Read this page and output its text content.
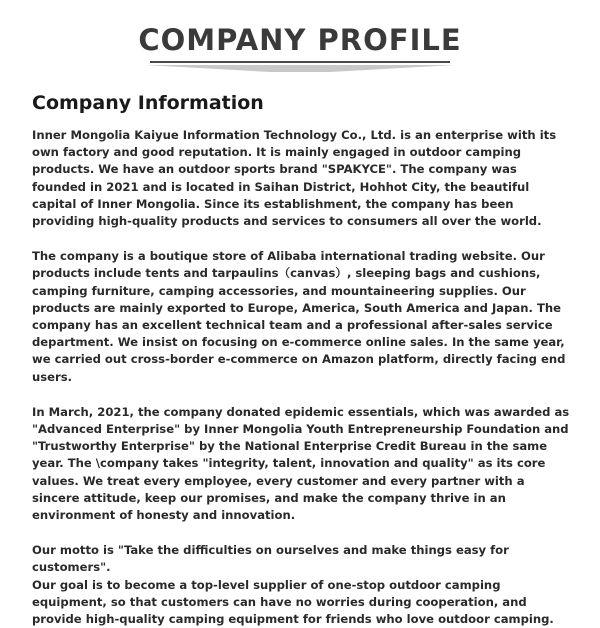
COMPANY PROFILE
Company Information

Inner Mongolia Kaiyue Information Technology Co., Ltd. is an enterprise with its own factory and good reputation. It is mainly engaged in outdoor camping products. We have an outdoor sports brand "SPAKYCE". The company was founded in 2021 and is located in Saihan District, Hohhot City, the beautiful capital of Inner Mongolia. Since its establishment, the company has been providing high-quality products and services to consumers all over the world.

The company is a boutique store of Alibaba international trading website. Our products include tents and tarpaulins（canvas）, sleeping bags and cushions, camping furniture, camping accessories, and mountaineering supplies. Our products are mainly exported to Europe, America, South America and Japan. The company has an excellent technical team and a professional after-sales service department. We insist on focusing on e-commerce online sales. In the same year, we carried out cross-border e-commerce on Amazon platform, directly facing end users.

In March, 2021, the company donated epidemic essentials, which was awarded as "Advanced Enterprise" by Inner Mongolia Youth Entrepreneurship Foundation and "Trustworthy Enterprise" by the National Enterprise Credit Bureau in the same year. The \company takes "integrity, talent, innovation and quality" as its core values. We treat every employee, every customer and every partner with a sincere attitude, keep our promises, and make the company thrive in an environment of honesty and innovation.

Our motto is "Take the difficulties on ourselves and make things easy for customers".

Our goal is to become a top-level supplier of one-stop outdoor camping equipment, so that customers can have no worries during cooperation, and provide high-quality camping equipment for friends who love outdoor camping.
